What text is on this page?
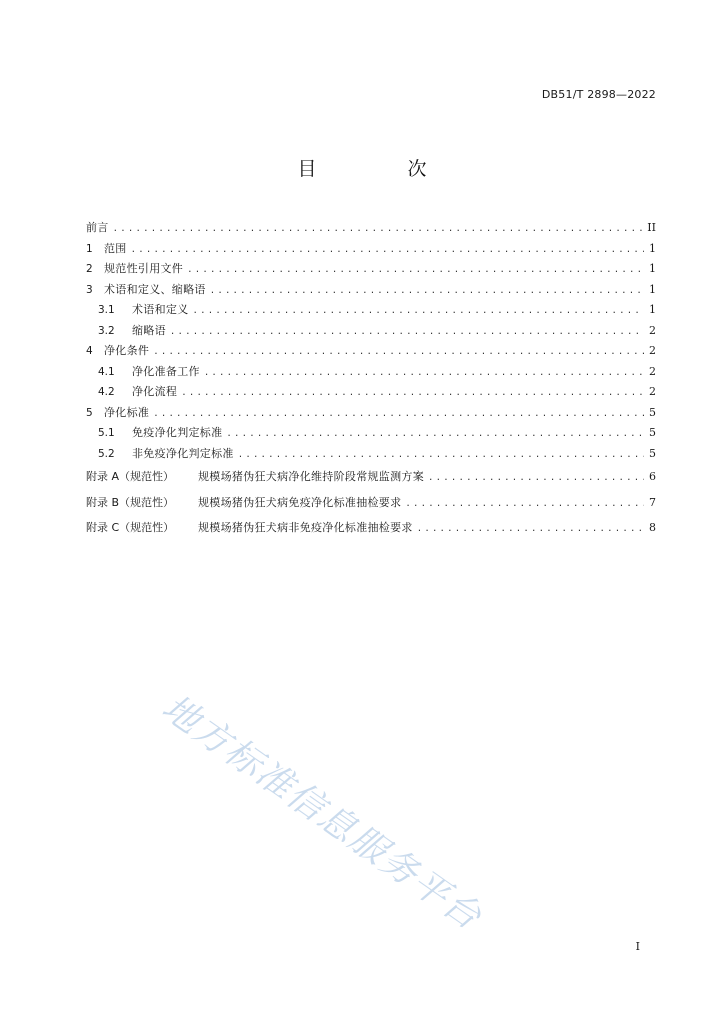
DB51/T 2898—2022
目　次
前言 .....	II
1	范围 .....	1
2	规范性引用文件 .....	1
3	术语和定义、缩略语 .....	1
3.1	术语和定义 .....	1
3.2	缩略语 .....	2
4	净化条件 .....	2
4.1	净化准备工作 .....	2
4.2	净化流程 .....	2
5	净化标准 .....	5
5.1	免疫净化判定标准 .....	5
5.2	非免疫净化判定标准 .....	5
附录 A（规范性）	规模场猪伪狂犬病净化维持阶段常规监测方案 .....	6
附录 B（规范性）	规模场猪伪狂犬病免疫净化标准抽检要求 .....	7
附录 C（规范性）	规模场猪伪狂犬病非免疫净化标准抽检要求 .....	8
地方标准信息服务平台
I
